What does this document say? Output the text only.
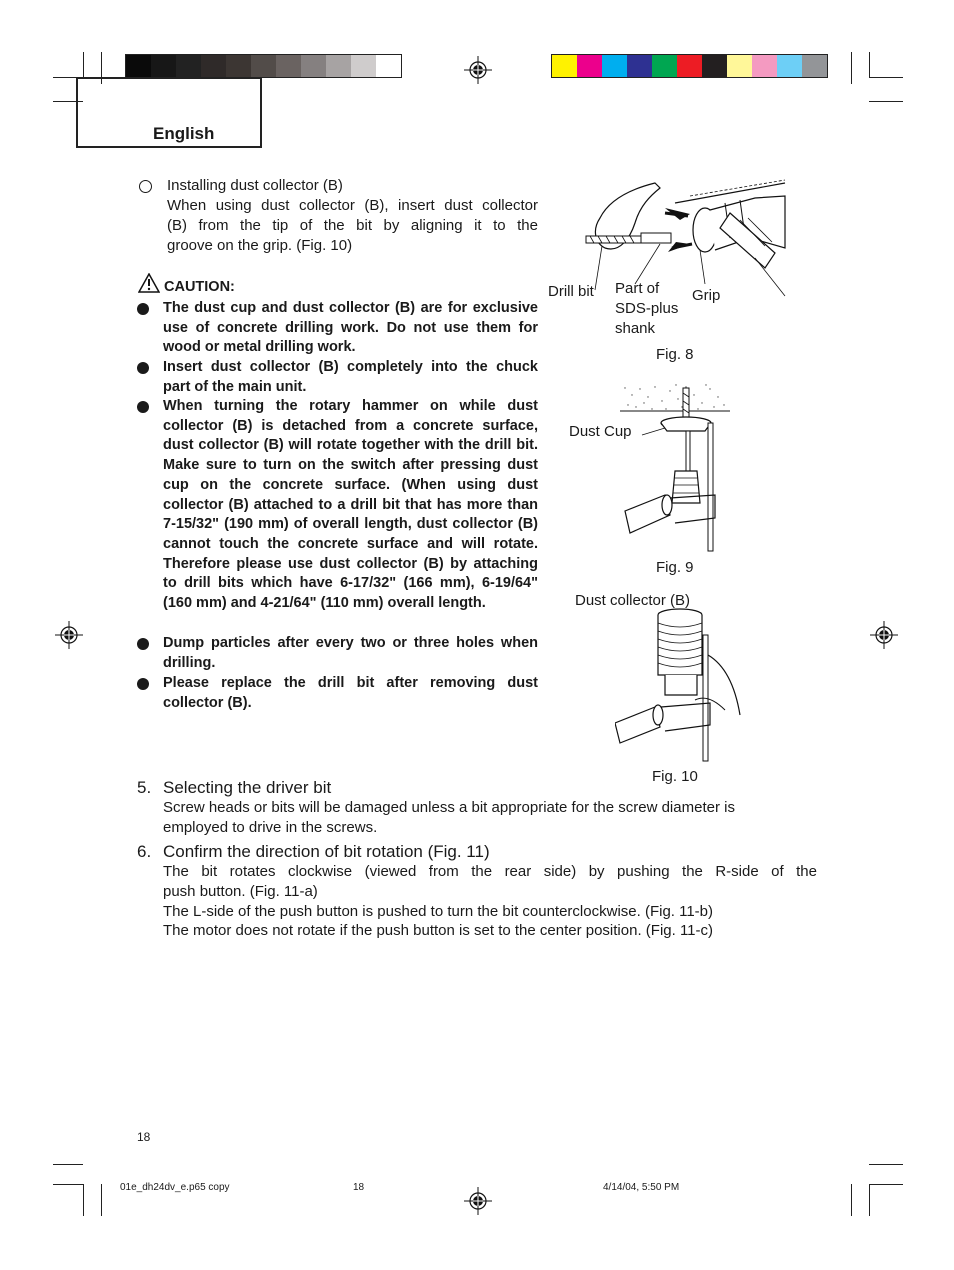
English
Installing dust collector (B)
When using dust collector (B), insert dust collector
(B) from the tip of the bit by aligning it to the
groove on the grip. (Fig. 10)
CAUTION:
The dust cup and dust collector (B) are for exclusive use of concrete drilling work. Do not use them for wood or metal drilling work.
Insert dust collector (B) completely into the chuck part of the main unit.
When turning the rotary hammer on while dust collector (B) is detached from a concrete surface, dust collector (B) will rotate together with the drill bit. Make sure to turn on the switch after pressing dust cup on the concrete surface. (When using dust collector (B) attached to a drill bit that has more than 7-15/32" (190 mm) of overall length, dust collector (B) cannot touch the concrete surface and will rotate. Therefore please use dust collector (B) by attaching to drill bits which have 6-17/32" (166 mm), 6-19/64" (160 mm) and 4-21/64" (110 mm) overall length.
Dump particles after every two or three holes when drilling.
Please replace the drill bit after removing dust collector (B).
Drill bit Part of
SDS-plus
shank
Grip
Fig. 8
Dust Cup
Fig. 9
Dust collector (B)
Fig. 10
5. Selecting the driver bit
Screw heads or bits will be damaged unless a bit appropriate for the screw diameter is
employed to drive in the screws.
6. Confirm the direction of bit rotation (Fig. 11)
The bit rotates clockwise (viewed from the rear side) by pushing the R-side of the
push button. (Fig. 11-a)
The L-side of the push button is pushed to turn the bit counterclockwise. (Fig. 11-b)
The motor does not rotate if the push button is set to the center position. (Fig. 11-c)
18
01e_dh24dv_e.p65 copy	18	4/14/04, 5:50 PM
